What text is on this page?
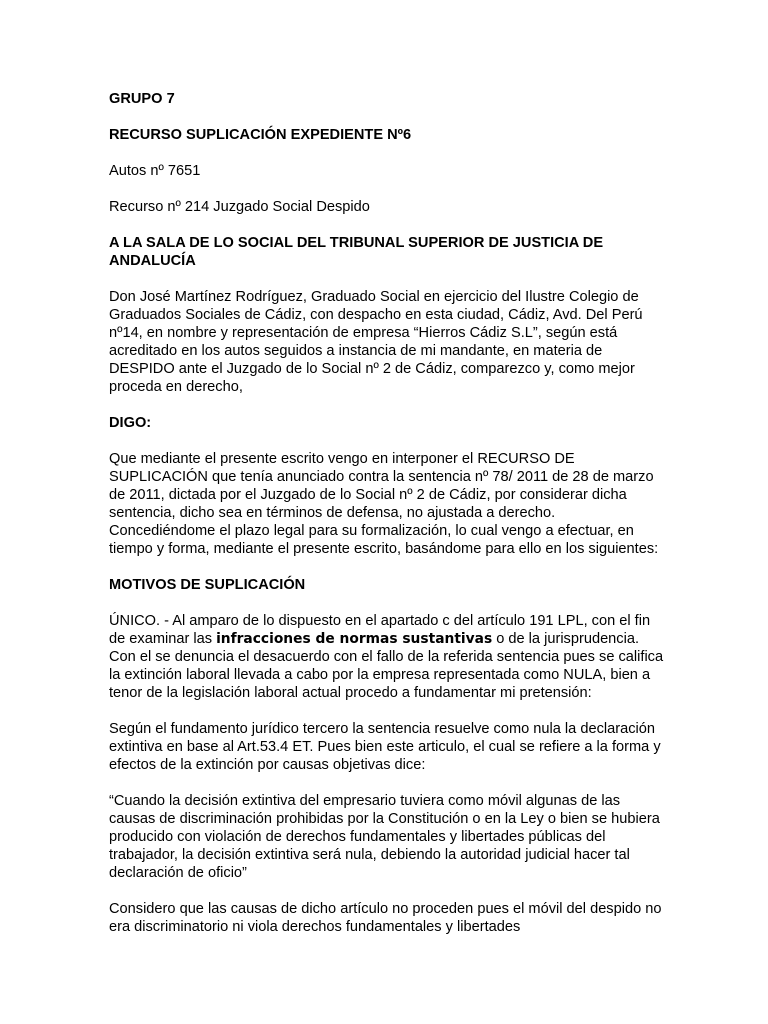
GRUPO 7

RECURSO SUPLICACIÓN EXPEDIENTE Nº6

Autos nº 7651

Recurso nº 214 Juzgado Social Despido

A LA SALA DE LO SOCIAL DEL TRIBUNAL SUPERIOR DE JUSTICIA DE ANDALUCÍA

Don José Martínez Rodríguez, Graduado Social en ejercicio del Ilustre Colegio de Graduados Sociales de Cádiz, con despacho en esta ciudad, Cádiz, Avd. Del Perú nº14, en nombre y representación de empresa “Hierros Cádiz S.L”, según está acreditado en los autos seguidos a instancia de mi mandante, en materia de DESPIDO ante el Juzgado de lo Social nº 2 de Cádiz, comparezco y, como mejor proceda en derecho,

DIGO:

Que mediante el presente escrito vengo en interponer el RECURSO DE SUPLICACIÓN que tenía anunciado contra la sentencia nº 78/ 2011 de 28 de marzo de 2011, dictada por el Juzgado de lo Social nº 2 de Cádiz, por considerar dicha sentencia, dicho sea en términos de defensa, no ajustada a derecho.

Concediéndome el plazo legal para su formalización, lo cual vengo a efectuar, en tiempo y forma, mediante el presente escrito, basándome para ello en los siguientes:

MOTIVOS DE SUPLICACIÓN

ÚNICO. - Al amparo de lo dispuesto en el apartado c del artículo 191 LPL, con el fin de examinar las infracciones de normas sustantivas o de la jurisprudencia. Con el se denuncia el desacuerdo con el fallo de la referida sentencia pues se califica la extinción laboral llevada a cabo por la empresa representada como NULA, bien a tenor de la legislación laboral actual procedo a fundamentar mi pretensión:

Según el fundamento jurídico tercero la sentencia resuelve como nula la declaración extintiva en base al Art.53.4 ET. Pues bien este articulo, el cual se refiere a la forma y efectos de la extinción por causas objetivas dice:

“Cuando la decisión extintiva del empresario tuviera como móvil algunas de las causas de discriminación prohibidas por la Constitución o en la Ley o bien se hubiera producido con violación de derechos fundamentales y libertades públicas del trabajador, la decisión extintiva será nula, debiendo la autoridad judicial hacer tal declaración de oficio”

Considero que las causas de dicho artículo no proceden pues el móvil del despido no era discriminatorio ni viola derechos fundamentales y libertades
